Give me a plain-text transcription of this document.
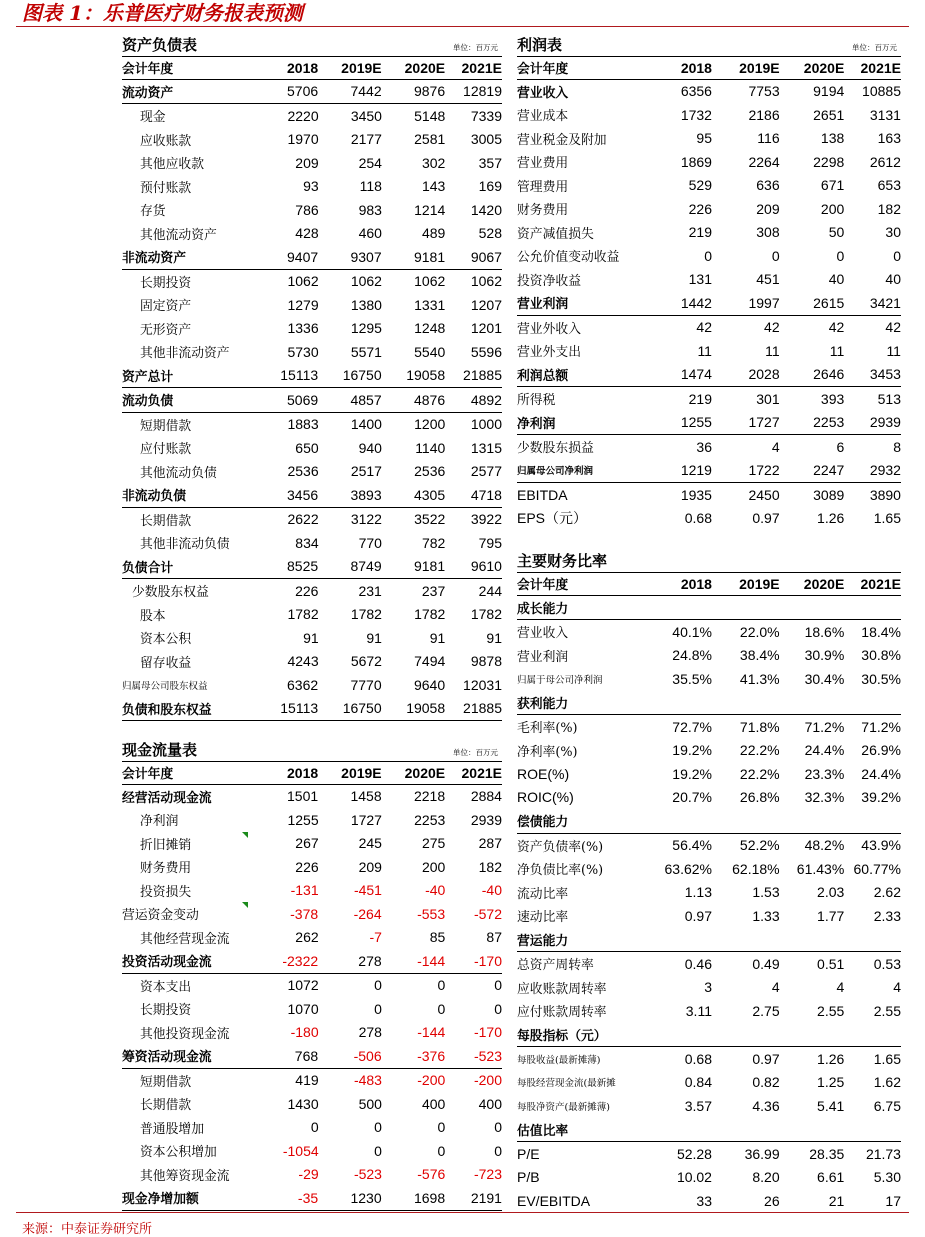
图表 1：乐普医疗财务报表预测
资产负债表	单位：百万元
会计年度	2018	2019E	2020E	2021E
流动资产	5706	7442	9876	12819
现金	2220	3450	5148	7339
应收账款	1970	2177	2581	3005
其他应收款	209	254	302	357
预付账款	93	118	143	169
存货	786	983	1214	1420
其他流动资产	428	460	489	528
非流动资产	9407	9307	9181	9067
长期投资	1062	1062	1062	1062
固定资产	1279	1380	1331	1207
无形资产	1336	1295	1248	1201
其他非流动资产	5730	5571	5540	5596
资产总计	15113	16750	19058	21885
流动负债	5069	4857	4876	4892
短期借款	1883	1400	1200	1000
应付账款	650	940	1140	1315
其他流动负债	2536	2517	2536	2577
非流动负债	3456	3893	4305	4718
长期借款	2622	3122	3522	3922
其他非流动负债	834	770	782	795
负债合计	8525	8749	9181	9610
少数股东权益	226	231	237	244
股本	1782	1782	1782	1782
资本公积	91	91	91	91
留存收益	4243	5672	7494	9878
归属母公司股东权益	6362	7770	9640	12031
负债和股东权益	15113	16750	19058	21885
利润表	单位：百万元
会计年度	2018	2019E	2020E	2021E
营业收入	6356	7753	9194	10885
营业成本	1732	2186	2651	3131
营业税金及附加	95	116	138	163
营业费用	1869	2264	2298	2612
管理费用	529	636	671	653
财务费用	226	209	200	182
资产减值损失	219	308	50	30
公允价值变动收益	0	0	0	0
投资净收益	131	451	40	40
营业利润	1442	1997	2615	3421
营业外收入	42	42	42	42
营业外支出	11	11	11	11
利润总额	1474	2028	2646	3453
所得税	219	301	393	513
净利润	1255	1727	2253	2939
少数股东损益	36	4	6	8
归属母公司净利润	1219	1722	2247	2932
EBITDA	1935	2450	3089	3890
EPS（元）	0.68	0.97	1.26	1.65
现金流量表	单位：百万元
会计年度	2018	2019E	2020E	2021E
经营活动现金流	1501	1458	2218	2884
净利润	1255	1727	2253	2939
折旧摊销	267	245	275	287
财务费用	226	209	200	182
投资损失	-131	-451	-40	-40
营运资金变动	-378	-264	-553	-572
其他经营现金流	262	-7	85	87
投资活动现金流	-2322	278	-144	-170
资本支出	1072	0	0	0
长期投资	1070	0	0	0
其他投资现金流	-180	278	-144	-170
筹资活动现金流	768	-506	-376	-523
短期借款	419	-483	-200	-200
长期借款	1430	500	400	400
普通股增加	0	0	0	0
资本公积增加	-1054	0	0	0
其他筹资现金流	-29	-523	-576	-723
现金净增加额	-35	1230	1698	2191
主要财务比率
会计年度	2018	2019E	2020E	2021E
成长能力
营业收入	40.1%	22.0%	18.6%	18.4%
营业利润	24.8%	38.4%	30.9%	30.8%
归属于母公司净利润	35.5%	41.3%	30.4%	30.5%
获利能力
毛利率(%)	72.7%	71.8%	71.2%	71.2%
净利率(%)	19.2%	22.2%	24.4%	26.9%
ROE(%)	19.2%	22.2%	23.3%	24.4%
ROIC(%)	20.7%	26.8%	32.3%	39.2%
偿债能力
资产负债率(%)	56.4%	52.2%	48.2%	43.9%
净负债比率(%)	63.62%	62.18%	61.43% 60.77%
流动比率	1.13	1.53	2.03	2.62
速动比率	0.97	1.33	1.77	2.33
营运能力
总资产周转率	0.46	0.49	0.51	0.53
应收账款周转率	3	4	4	4
应付账款周转率	3.11	2.75	2.55	2.55
每股指标（元）
每股收益(最新摊薄)	0.68	0.97	1.26	1.65
每股经营现金流(最新摊	0.84	0.82	1.25	1.62
每股净资产(最新摊薄)	3.57	4.36	5.41	6.75
估值比率
P/E	52.28	36.99	28.35	21.73
P/B	10.02	8.20	6.61	5.30
EV/EBITDA	33	26	21	17
来源：中泰证券研究所
